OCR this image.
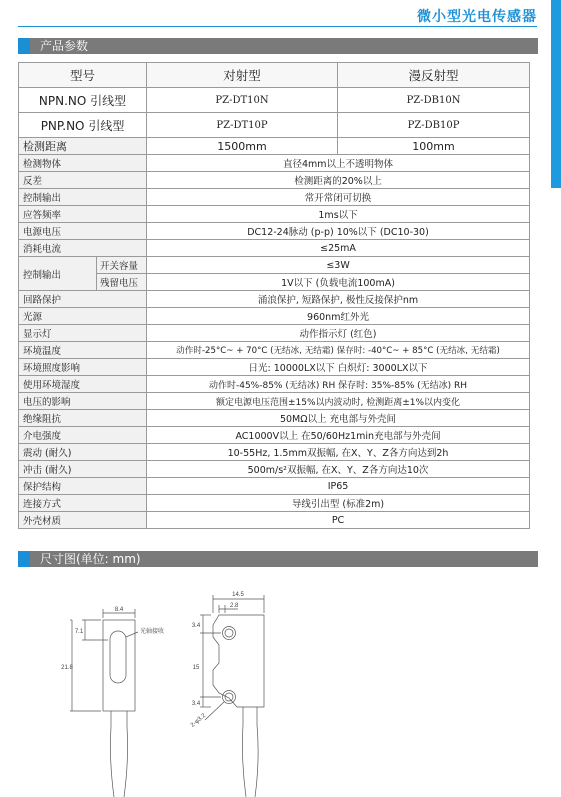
微小型光电传感器
产品参数
型号		对射型	漫反射型
NPN.NO 引线型		PZ-DT10N	PZ-DB10N
PNP.NO 引线型		PZ-DT10P	PZ-DB10P
检测距离		1500mm	100mm
检测物体		直径4mm以上不透明物体	
反差		检测距离的20%以上	
控制输出		常开常闭可切换	
应答频率		1ms以下	
电源电压		DC12-24脉动 (p-p) 10%以下 (DC10-30)	
消耗电流		≤25mA	
控制输出	开关容量	≤3W	
	残留电压	1V以下 (负载电流100mA)	
回路保护		涌浪保护, 短路保护, 极性反接保护nm	
光源		960nm红外光	
显示灯		动作指示灯 (红色)	
环境温度		动作时-25°C~ + 70°C (无结冰, 无结霜) 保存时: -40°C~ + 85°C (无结冰, 无结霜)	
环境照度影响		日光: 10000LX以下 白炽灯: 3000LX以下	
使用环境湿度		动作时-45%-85% (无结冰) RH 保存时: 35%-85% (无结冰) RH	
电压的影响		额定电源电压范围±15%以内波动时, 检测距离±1%以内变化	
绝缘阻抗		50MΩ以上 充电部与外壳间	
介电强度		AC1000V以上 在50/60Hz1min充电部与外壳间	
震动 (耐久)		10-55Hz, 1.5mm双振幅, 在X、Y、Z各方向达到2h	
冲击 (耐久)		500m/s²双振幅, 在X、Y、Z各方向达10次	
保护结构		IP65	
连接方式		导线引出型 (标准2m)	
外壳材质		PC	
尺寸图(单位: mm)
8.4
7.1
21.8
光轴接收
14.5
2.8
3.4
15
3.4
2-φ3.2
